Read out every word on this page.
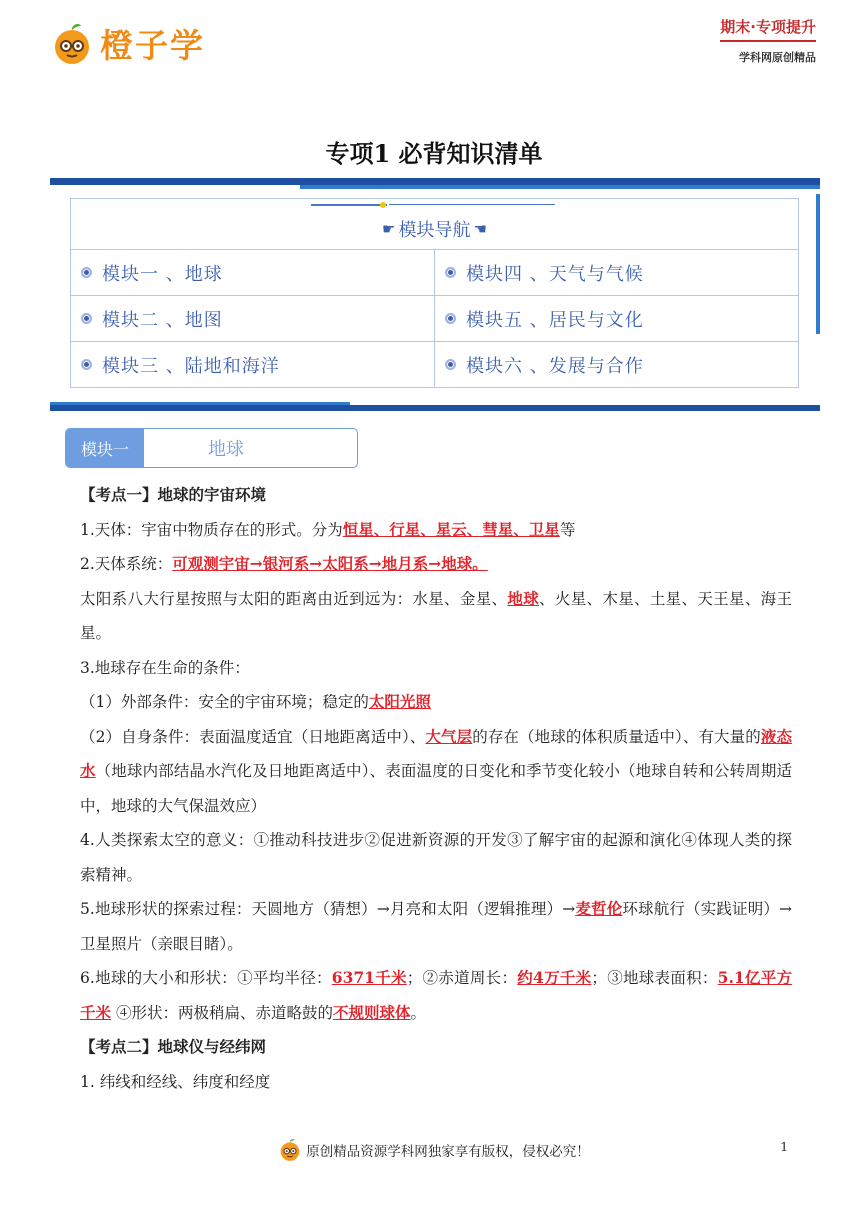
橙子学	期末·专项提升
学科网原创精品
专项1 必背知识清单
☛ 模块导航 ☚
模块一 、地球	模块四 、天气与气候
模块二 、地图	模块五 、居民与文化
模块三 、陆地和海洋	模块六 、发展与合作
模块一	地球

【考点一】地球的宇宙环境

1.天体：宇宙中物质存在的形式。分为恒星、行星、星云、彗星、卫星等

2.天体系统：可观测宇宙→银河系→太阳系→地月系→地球。

太阳系八大行星按照与太阳的距离由近到远为：水星、金星、地球、火星、木星、土星、天王星、海王星。

3.地球存在生命的条件：

（1）外部条件：安全的宇宙环境；稳定的太阳光照

（2）自身条件：表面温度适宜（日地距离适中）、大气层的存在（地球的体积质量适中）、有大量的液态水（地球内部结晶水汽化及日地距离适中）、表面温度的日变化和季节变化较小（地球自转和公转周期适中，地球的大气保温效应）

4.人类探索太空的意义：①推动科技进步②促进新资源的开发③了解宇宙的起源和演化④体现人类的探索精神。

5.地球形状的探索过程：天圆地方（猜想）→月亮和太阳（逻辑推理）→麦哲伦环球航行（实践证明）→卫星照片（亲眼目睹）。

6.地球的大小和形状：①平均半径：6371千米；②赤道周长：约4万千米；③地球表面积：5.1亿平方千米 ④形状：两极稍扁、赤道略鼓的不规则球体。

【考点二】地球仪与经纬网

1. 纬线和经线、纬度和经度

原创精品资源学科网独家享有版权，侵权必究！	1
